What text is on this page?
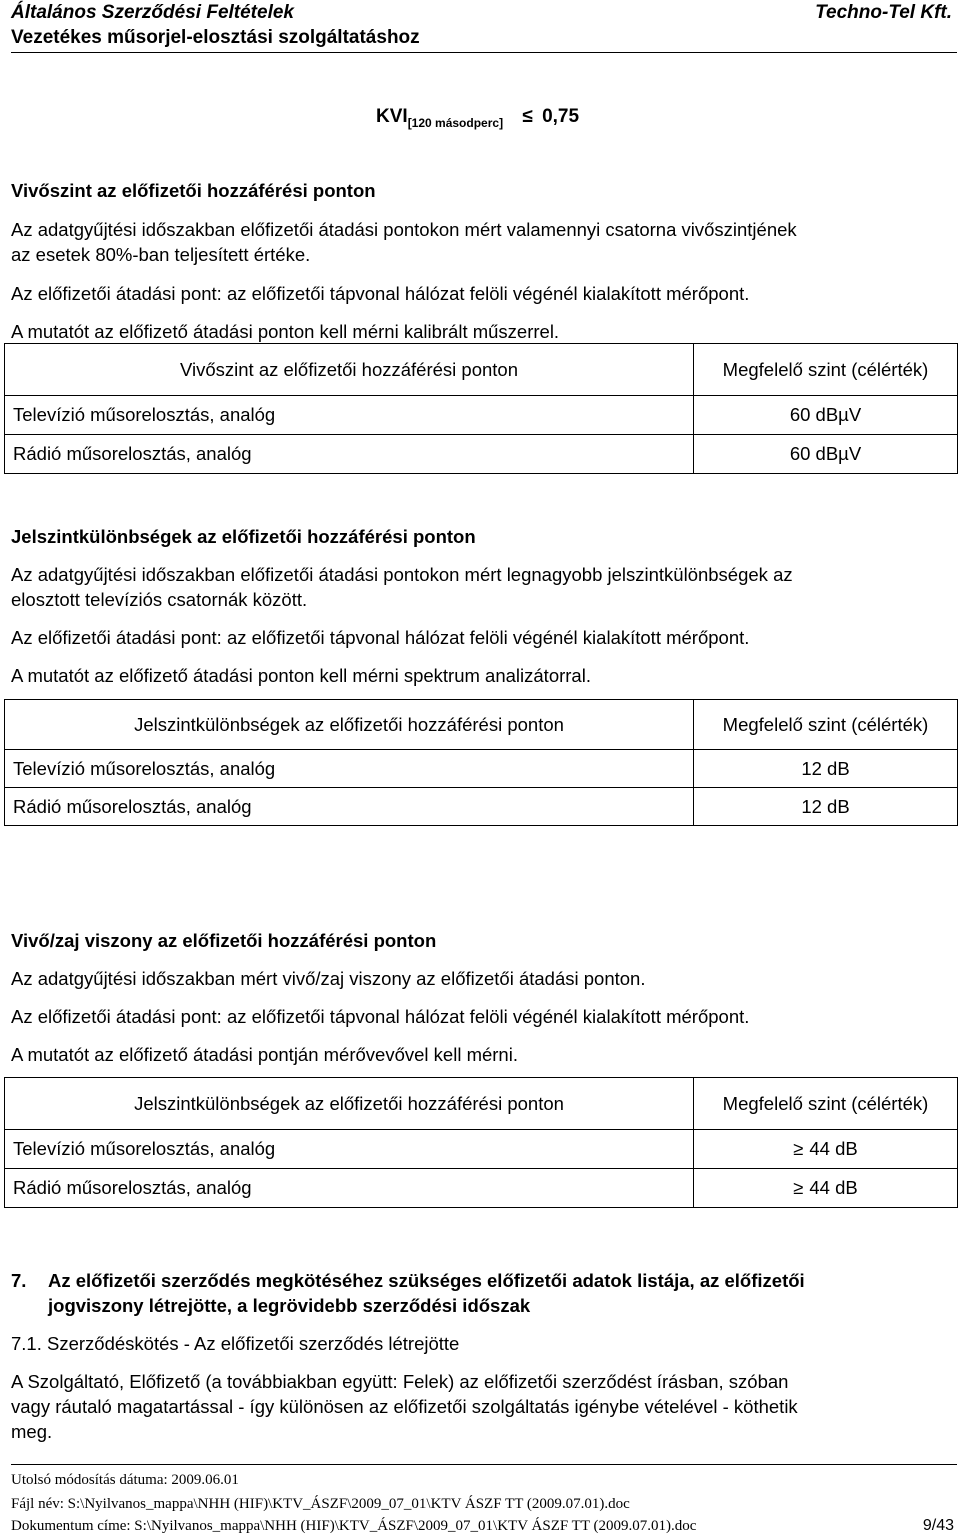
Általános Szerződési Feltételek	Techno-Tel Kft.
Vezetékes műsorjel-elosztási szolgáltatáshoz
$KVI_{[120 másodperc]} \le 0,75$
Vivőszint az előfizetői hozzáférési ponton
Az adatgyűjtési időszakban előfizetői átadási pontokon mért valamennyi csatorna vivőszintjének
az esetek 80%-ban teljesített értéke.
Az előfizetői átadási pont: az előfizetői tápvonal hálózat felöli végénél kialakított mérőpont.
A mutatót az előfizető átadási ponton kell mérni kalibrált műszerrel.
Vivőszint az előfizetői hozzáférési ponton	Megfelelő szint (célérték)
Televízió műsorelosztás, analóg	60 dBµV
Rádió műsorelosztás, analóg	60 dBµV
Jelszintkülönbségek az előfizetői hozzáférési ponton
Az adatgyűjtési időszakban előfizetői átadási pontokon mért legnagyobb jelszintkülönbségek az
elosztott televíziós csatornák között.
Az előfizetői átadási pont: az előfizetői tápvonal hálózat felöli végénél kialakított mérőpont.
A mutatót az előfizető átadási ponton kell mérni spektrum analizátorral.
Jelszintkülönbségek az előfizetői hozzáférési ponton	Megfelelő szint (célérték)
Televízió műsorelosztás, analóg	12 dB
Rádió műsorelosztás, analóg	12 dB
Vivő/zaj viszony az előfizetői hozzáférési ponton
Az adatgyűjtési időszakban mért vivő/zaj viszony az előfizetői átadási ponton.
Az előfizetői átadási pont: az előfizetői tápvonal hálózat felöli végénél kialakított mérőpont.
A mutatót az előfizető átadási pontján mérővevővel kell mérni.
Jelszintkülönbségek az előfizetői hozzáférési ponton	Megfelelő szint (célérték)
Televízió műsorelosztás, analóg	≥ 44 dB
Rádió műsorelosztás, analóg	≥ 44 dB
7. Az előfizetői szerződés megkötéséhez szükséges előfizetői adatok listája, az előfizetői
jogviszony létrejötte, a legrövidebb szerződési időszak
7.1. Szerződéskötés - Az előfizetői szerződés létrejötte
A Szolgáltató, Előfizető (a továbbiakban együtt: Felek) az előfizetői szerződést írásban, szóban
vagy ráutaló magatartással - így különösen az előfizetői szolgáltatás igénybe vételével - köthetik
meg.
Utolsó módosítás dátuma: 2009.06.01
Fájl név: S:\Nyilvanos_mappa\NHH (HIF)\KTV_ÁSZF\2009_07_01\KTV ÁSZF TT (2009.07.01).doc
Dokumentum címe: S:\Nyilvanos_mappa\NHH (HIF)\KTV_ÁSZF\2009_07_01\KTV ÁSZF TT (2009.07.01).doc	9/43
